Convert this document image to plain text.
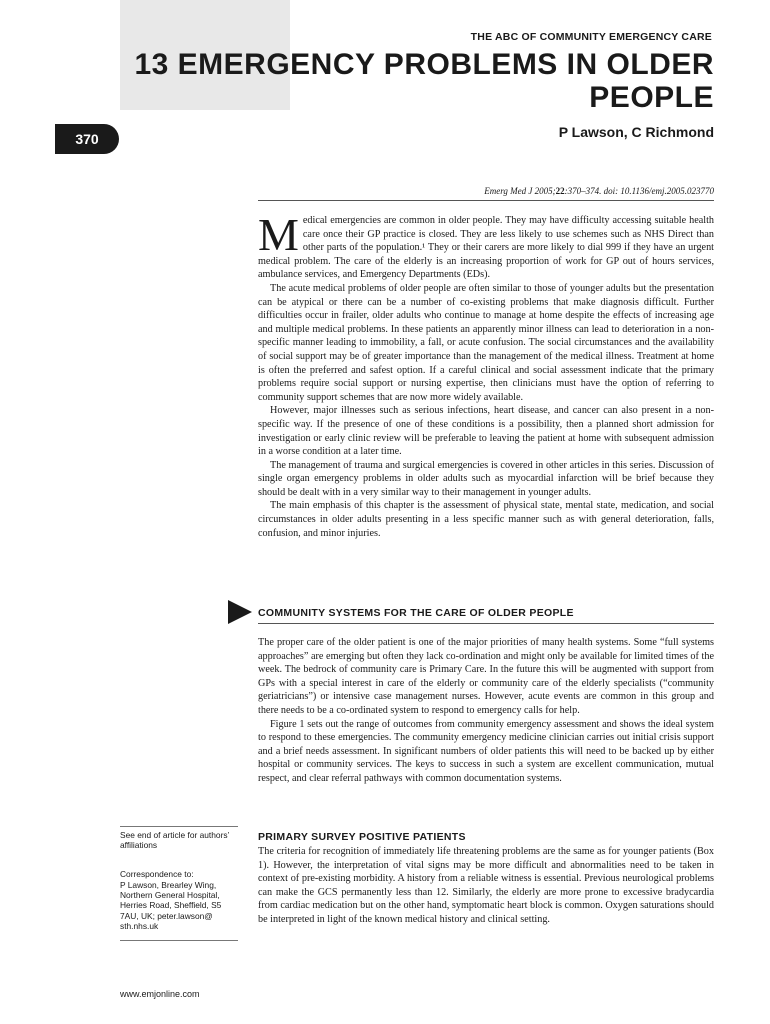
THE ABC OF COMMUNITY EMERGENCY CARE
13 EMERGENCY PROBLEMS IN OLDER
PEOPLE
370	P Lawson, C Richmond
Emerg Med J 2005;22:370–374. doi: 10.1136/emj.2005.023770

Medical emergencies are common in older people. They may have difficulty accessing suitable health care once their GP practice is closed. They are less likely to use schemes such as NHS Direct than other parts of the population.¹ They or their carers are more likely to dial 999 if they have an urgent medical problem. The care of the elderly is an increasing proportion of work for GP out of hours services, ambulance services, and Emergency Departments (EDs).

The acute medical problems of older people are often similar to those of younger adults but the presentation can be atypical or there can be a number of co-existing problems that make diagnosis difficult. Further difficulties occur in frailer, older adults who continue to manage at home despite the effects of increasing age and multiple medical problems. In these patients an apparently minor illness can lead to deterioration in a non-specific manner leading to immobility, a fall, or acute confusion. The social circumstances and the availability of social support may be of greater importance than the management of the medical illness. Treatment at home is often the preferred and safest option. If a careful clinical and social assessment indicate that the primary problems require social support or nursing expertise, then clinicians must have the option of referring to community support schemes that are now more widely available.

However, major illnesses such as serious infections, heart disease, and cancer can also present in a non-specific way. If the presence of one of these conditions is a possibility, then a planned short admission for investigation or early clinic review will be preferable to leaving the patient at home with subsequent admission in a worse condition at a later time.

The management of trauma and surgical emergencies is covered in other articles in this series. Discussion of single organ emergency problems in older adults such as myocardial infarction will be brief because they should be dealt with in a very similar way to their management in younger adults.

The main emphasis of this chapter is the assessment of physical state, mental state, medication, and social circumstances in older adults presenting in a less specific manner such as with general deterioration, falls, confusion, and minor injuries.

COMMUNITY SYSTEMS FOR THE CARE OF OLDER PEOPLE

The proper care of the older patient is one of the major priorities of many health systems. Some “full systems approaches” are emerging but often they lack co-ordination and might only be available for limited times of the week. The bedrock of community care is Primary Care. In the future this will be augmented with support from GPs with a special interest in care of the elderly or community care of the elderly specialists (“community geriatricians”) or intensive case management nurses. However, acute events are common in this group and there needs to be a co-ordinated system to respond to emergency calls for help.

Figure 1 sets out the range of outcomes from community emergency assessment and shows the ideal system to respond to these emergencies. The community emergency medicine clinician carries out initial crisis support and a brief needs assessment. In significant numbers of older patients this will need to be backed up by either hospital or community services. The keys to success in such a system are excellent communication, mutual respect, and clear referral pathways with common documentation systems.

PRIMARY SURVEY POSITIVE PATIENTS

The criteria for recognition of immediately life threatening problems are the same as for younger patients (Box 1). However, the interpretation of vital signs may be more difficult and abnormalities need to be taken in context of pre-existing morbidity. A history from a reliable witness is essential. Previous neurological problems can make the GCS permanently less than 12. Similarly, the elderly are more prone to excessive bradycardia from cardiac medication but on the other hand, symptomatic heart block is common. Oxygen saturations should be interpreted in light of the known medical history and clinical setting.

See end of article for authors’ affiliations
Correspondence to:
P Lawson, Brearley Wing, Northern General Hospital, Herries Road, Sheffield, S5 7AU, UK; peter.lawson@ sth.nhs.uk
www.emjonline.com
